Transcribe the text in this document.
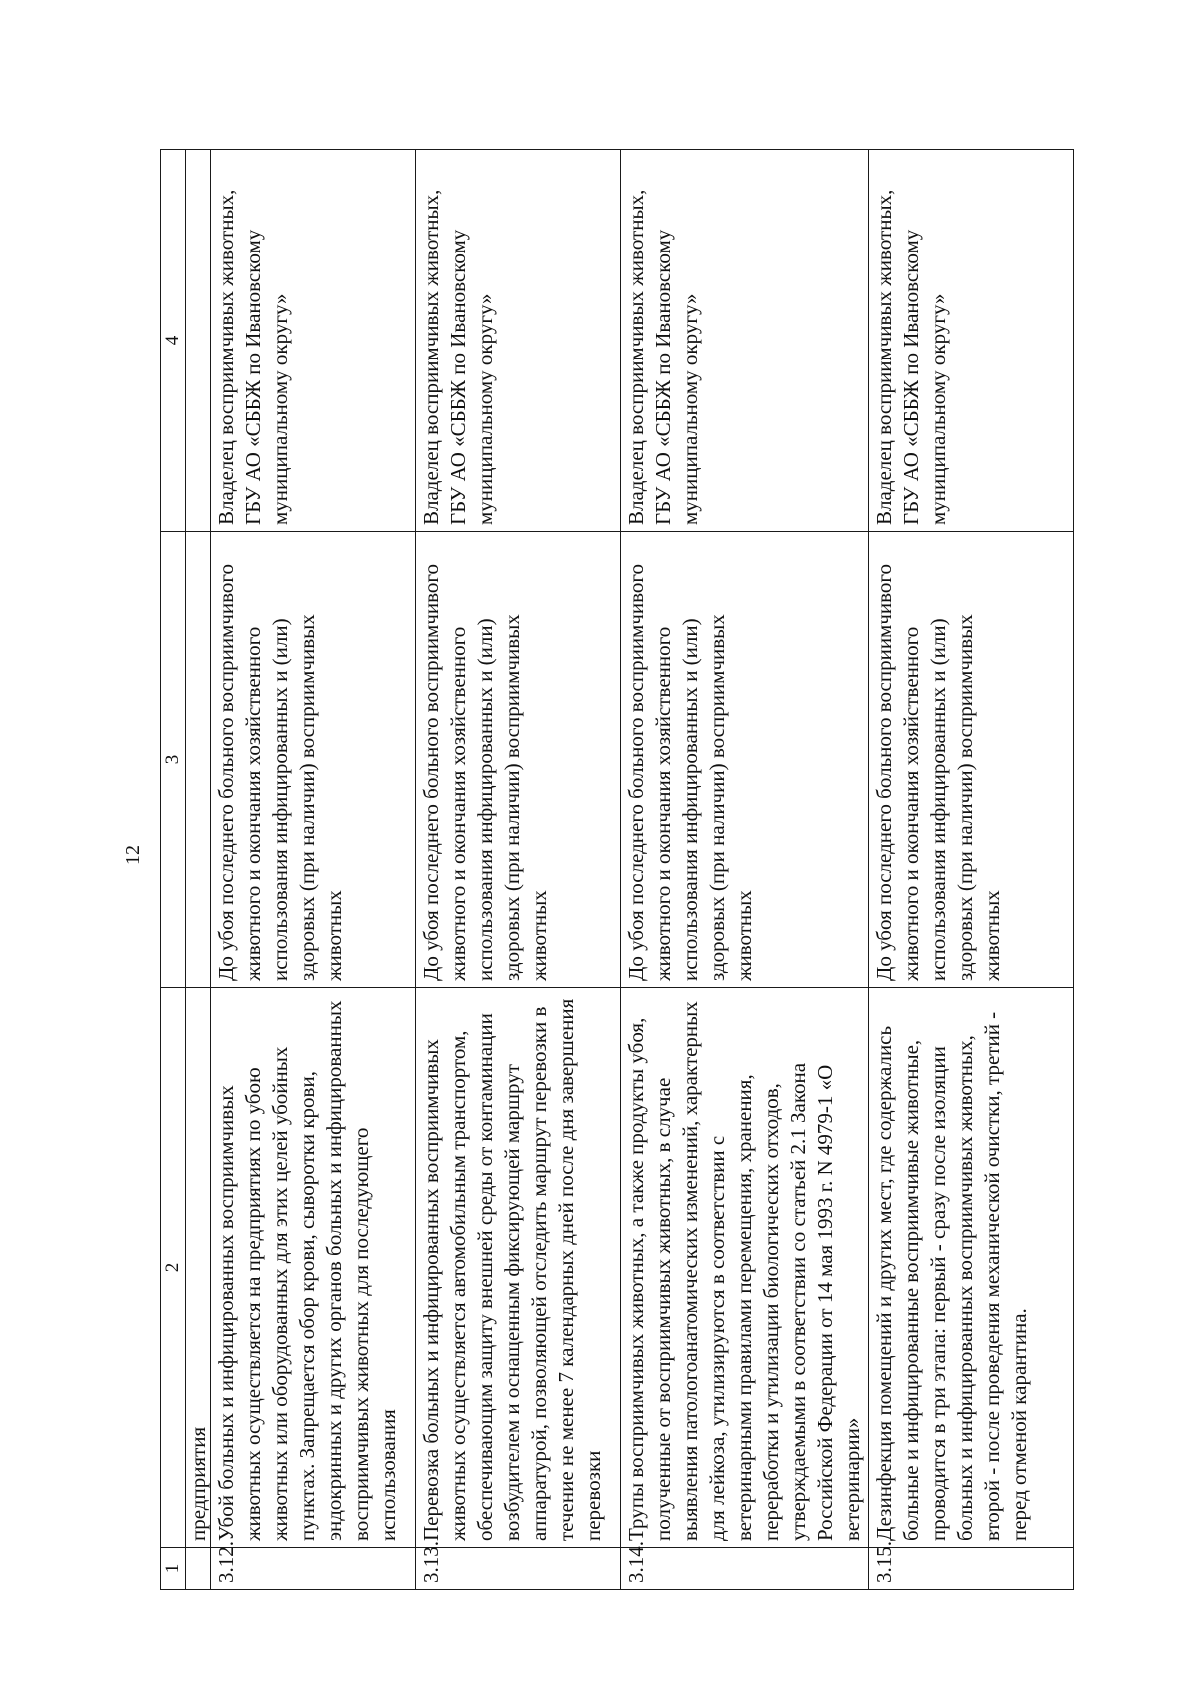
12
1	2	3	4
	предприятия		
3.12.	Убой больных и инфицированных восприимчивых животных осуществляется на предприятиях по убою животных или оборудованных для этих целей убойных пунктах. Запрещается обор крови, сыворотки крови, эндокринных и других органов больных и инфицированных восприимчивых животных для последующего использования	До убоя последнего больного восприимчивого животного и окончания хозяйственного использования инфицированных и (или) здоровых (при наличии) восприимчивых животных	Владелец восприимчивых животных, ГБУ АО «СББЖ по Ивановскому муниципальному округу»
3.13.	Перевозка больных и инфицированных восприимчивых животных осуществляется автомобильным транспортом, обеспечивающим защиту внешней среды от контаминации возбудителем и оснащенным фиксирующей маршрут аппаратурой, позволяющей отследить маршрут перевозки в течение не менее 7 календарных дней после дня завершения перевозки	До убоя последнего больного восприимчивого животного и окончания хозяйственного использования инфицированных и (или) здоровых (при наличии) восприимчивых животных	Владелец восприимчивых животных, ГБУ АО «СББЖ по Ивановскому муниципальному округу»
3.14.	Трупы восприимчивых животных, а также продукты убоя, полученные от восприимчивых животных, в случае выявления патологоанатомических изменений, характерных для лейкоза, утилизируются в соответствии с ветеринарными правилами перемещения, хранения, переработки и утилизации биологических отходов, утверждаемыми в соответствии со статьей 2.1 Закона Российской Федерации от 14 мая 1993 г. N 4979-1 «О ветеринарии»	До убоя последнего больного восприимчивого животного и окончания хозяйственного использования инфицированных и (или) здоровых (при наличии) восприимчивых животных	Владелец восприимчивых животных, ГБУ АО «СББЖ по Ивановскому муниципальному округу»
3.15.	Дезинфекция помещений и других мест, где содержались больные и инфицированные восприимчивые животные, проводится в три этапа: первый - сразу после изоляции больных и инфицированных восприимчивых животных, второй - после проведения механической очистки, третий - перед отменой карантина.	До убоя последнего больного восприимчивого животного и окончания хозяйственного использования инфицированных и (или) здоровых (при наличии) восприимчивых животных	Владелец восприимчивых животных, ГБУ АО «СББЖ по Ивановскому муниципальному округу»
